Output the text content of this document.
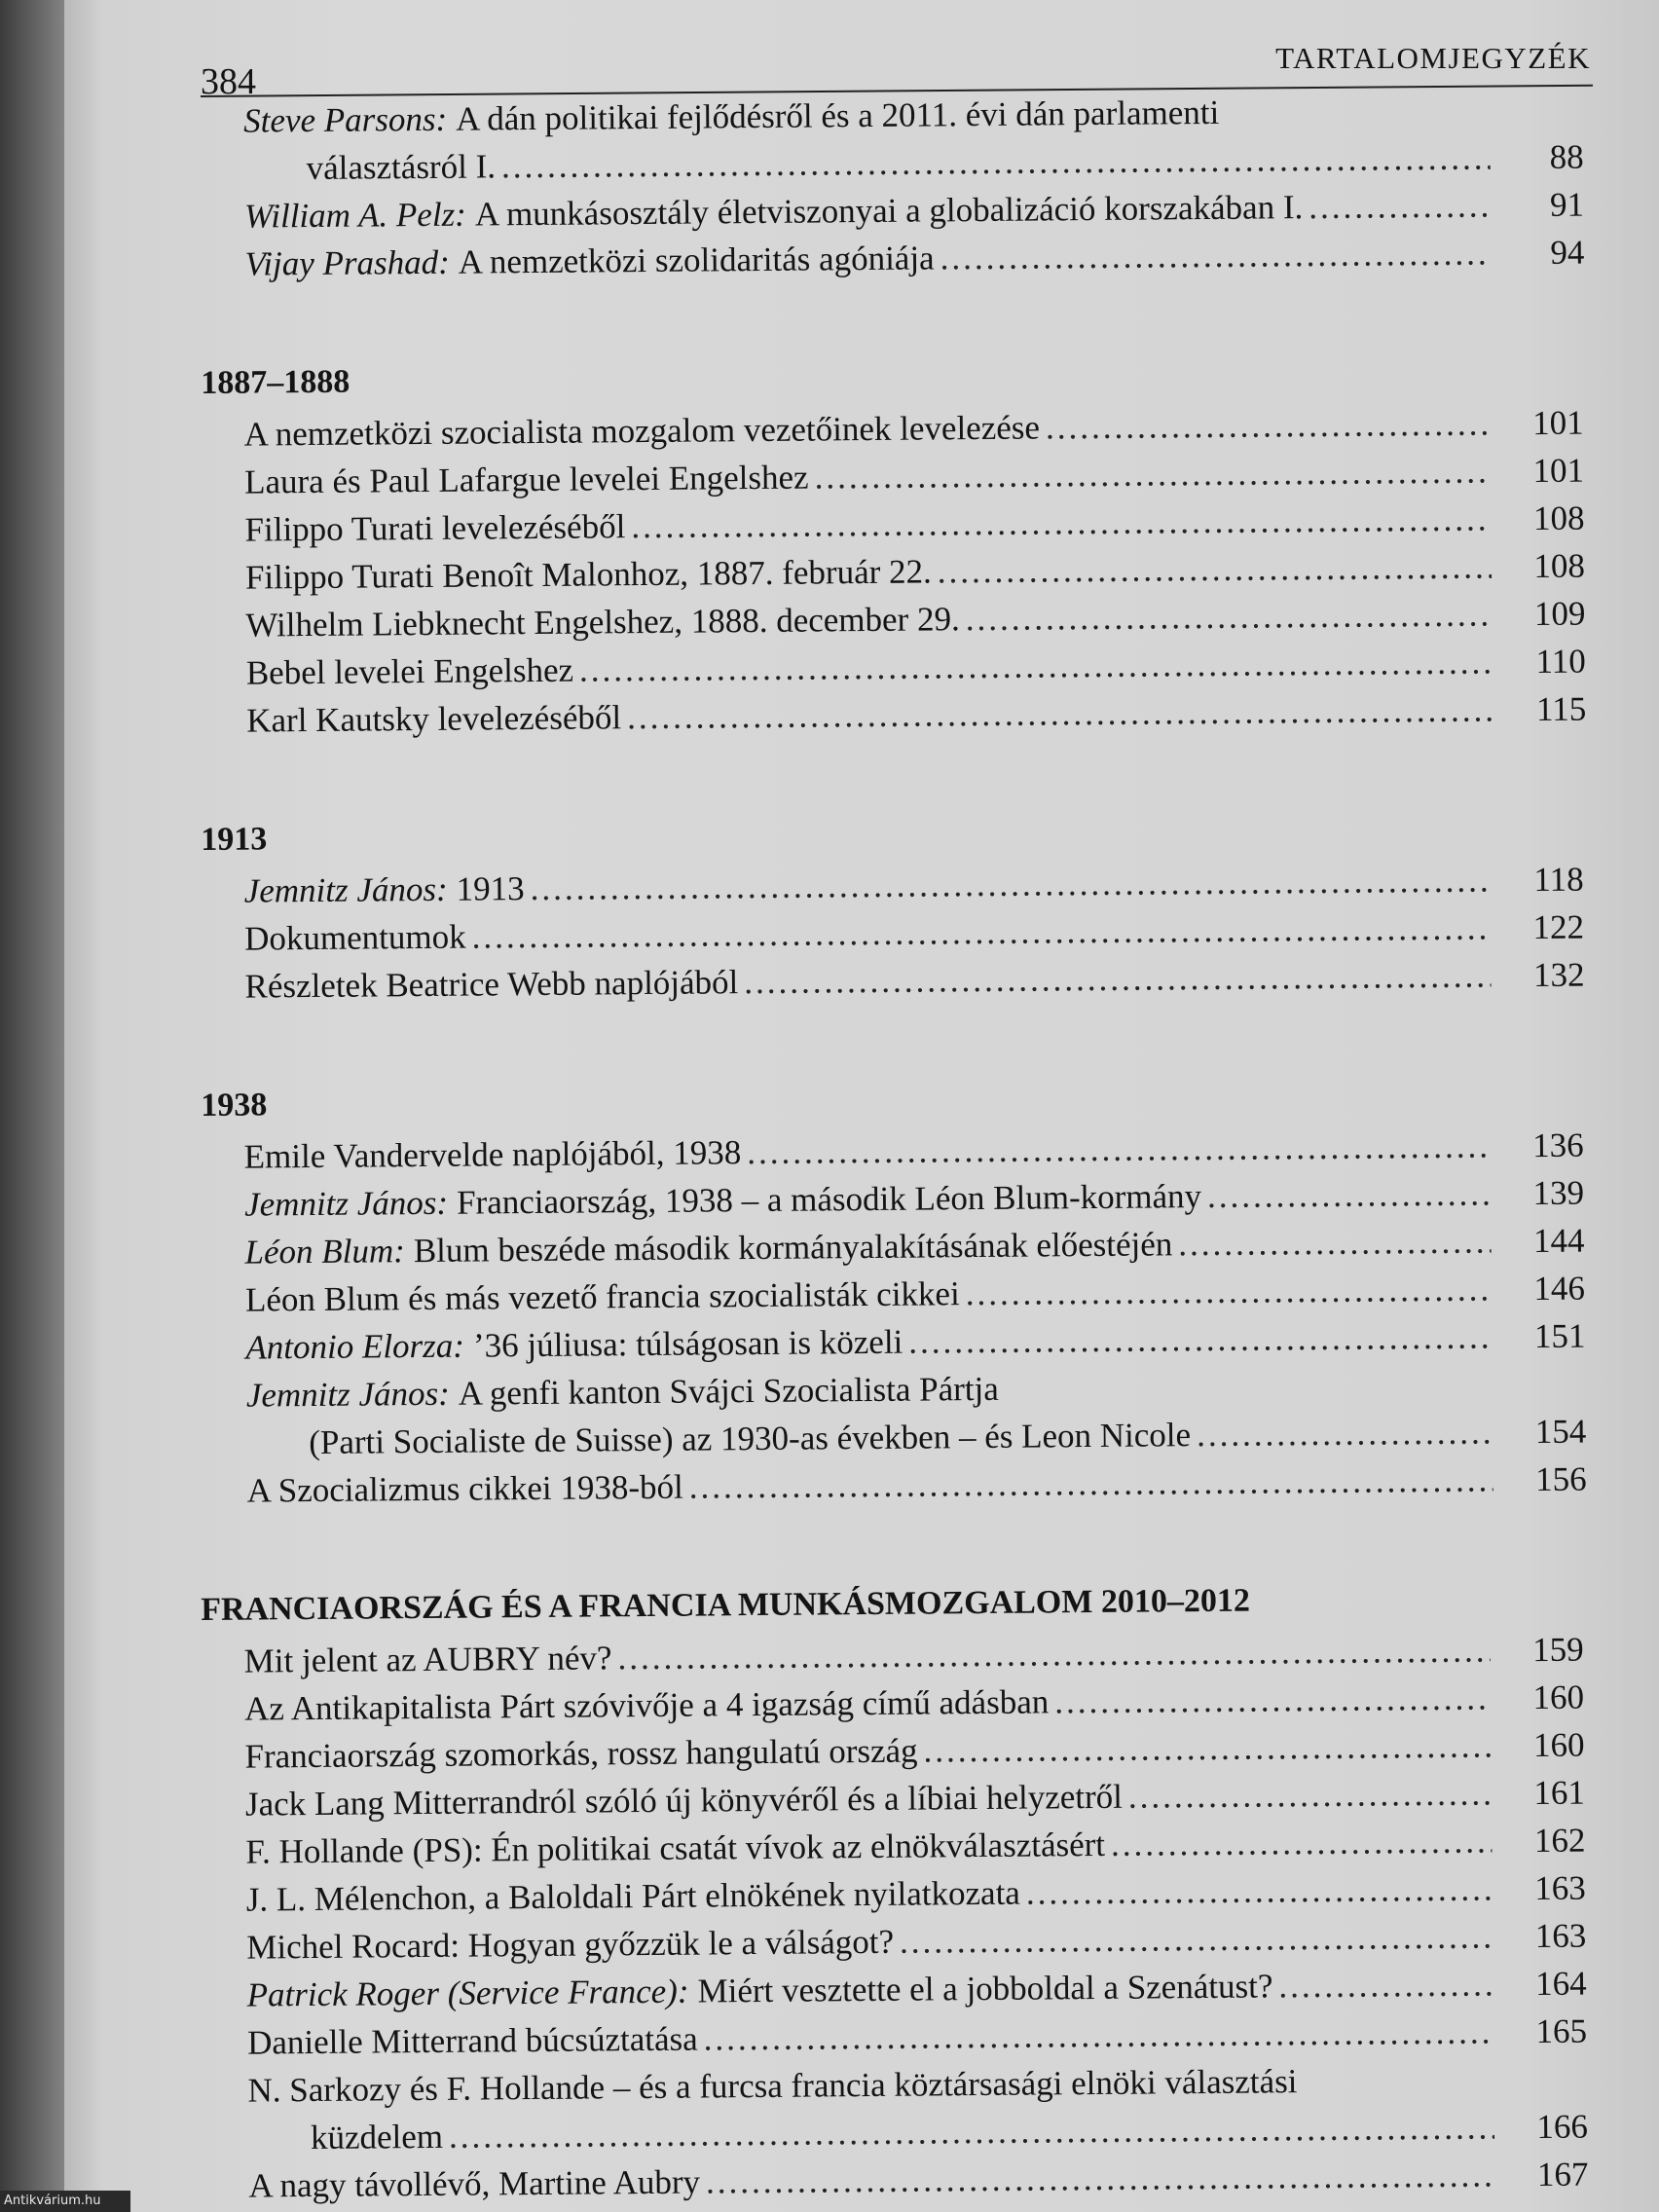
384
TARTALOMJEGYZÉK
Steve Parsons: A dán politikai fejlődésről és a 2011. évi dán parlamenti
választásról I. .....	88
William A. Pelz: A munkásosztály életviszonyai a globalizáció korszakában I. .....	91
Vijay Prashad: A nemzetközi szolidaritás agóniája .....	94
1887–1888
A nemzetközi szocialista mozgalom vezetőinek levelezése .....	101
Laura és Paul Lafargue levelei Engelshez .....	101
Filippo Turati levelezéséből .....	108
Filippo Turati Benoît Malonhoz, 1887. február 22. .....	108
Wilhelm Liebknecht Engelshez, 1888. december 29. .....	109
Bebel levelei Engelshez .....	110
Karl Kautsky levelezéséből .....	115
1913
Jemnitz János: 1913 .....	118
Dokumentumok .....	122
Részletek Beatrice Webb naplójából .....	132
1938
Emile Vandervelde naplójából, 1938 .....	136
Jemnitz János: Franciaország, 1938 – a második Léon Blum-kormány .....	139
Léon Blum: Blum beszéde második kormányalakításának előestéjén .....	144
Léon Blum és más vezető francia szocialisták cikkei .....	146
Antonio Elorza: ’36 júliusa: túlságosan is közeli .....	151
Jemnitz János: A genfi kanton Svájci Szocialista Pártja
(Parti Socialiste de Suisse) az 1930-as években – és Leon Nicole .....	154
A Szocializmus cikkei 1938-ból .....	156
FRANCIAORSZÁG ÉS A FRANCIA MUNKÁSMOZGALOM 2010–2012
Mit jelent az AUBRY név? .....	159
Az Antikapitalista Párt szóvivője a 4 igazság című adásban .....	160
Franciaország szomorkás, rossz hangulatú ország .....	160
Jack Lang Mitterrandról szóló új könyvéről és a líbiai helyzetről .....	161
F. Hollande (PS): Én politikai csatát vívok az elnökválasztásért .....	162
J. L. Mélenchon, a Baloldali Párt elnökének nyilatkozata .....	163
Michel Rocard: Hogyan győzzük le a válságot? .....	163
Patrick Roger (Service France): Miért vesztette el a jobboldal a Szenátust? .....	164
Danielle Mitterrand búcsúztatása .....	165
N. Sarkozy és F. Hollande – és a furcsa francia köztársasági elnöki választási
küzdelem .....	166
A nagy távollévő, Martine Aubry .....	167
Antikvárium.hu
